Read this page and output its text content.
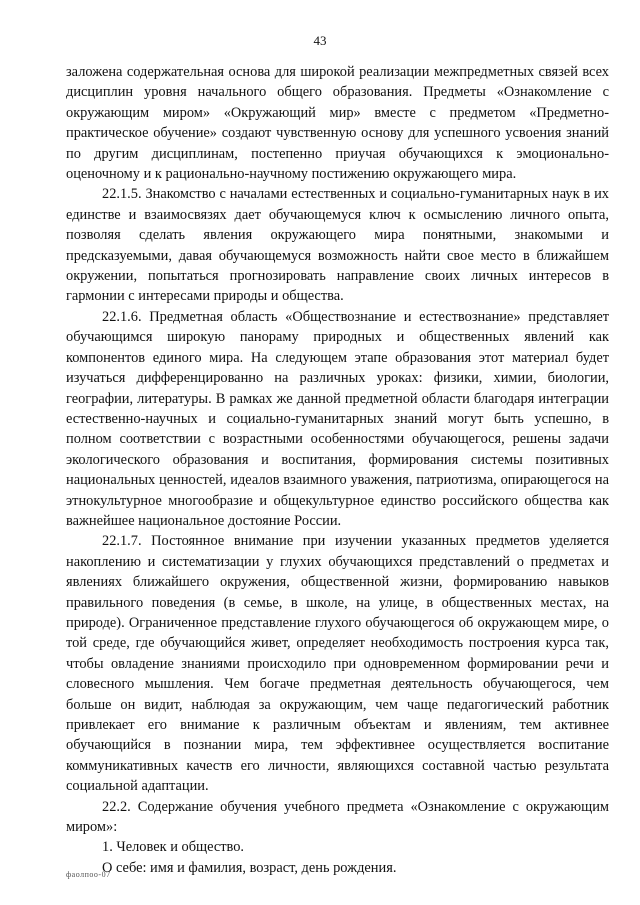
43

заложена содержательная основа для широкой реализации межпредметных связей всех дисциплин уровня начального общего образования. Предметы «Ознакомление с окружающим миром» «Окружающий мир» вместе с предметом «Предметно-практическое обучение» создают чувственную основу для успешного усвоения знаний по другим дисциплинам, постепенно приучая обучающихся к эмоционально-оценочному и к рационально-научному постижению окружающего мира.

22.1.5. Знакомство с началами естественных и социально-гуманитарных наук в их единстве и взаимосвязях дает обучающемуся ключ к осмыслению личного опыта, позволяя сделать явления окружающего мира понятными, знакомыми и предсказуемыми, давая обучающемуся возможность найти свое место в ближайшем окружении, попытаться прогнозировать направление своих личных интересов в гармонии с интересами природы и общества.

22.1.6. Предметная область «Обществознание и естествознание» представляет обучающимся широкую панораму природных и общественных явлений как компонентов единого мира. На следующем этапе образования этот материал будет изучаться дифференцированно на различных уроках: физики, химии, биологии, географии, литературы. В рамках же данной предметной области благодаря интеграции естественно-научных и социально-гуманитарных знаний могут быть успешно, в полном соответствии с возрастными особенностями обучающегося, решены задачи экологического образования и воспитания, формирования системы позитивных национальных ценностей, идеалов взаимного уважения, патриотизма, опирающегося на этнокультурное многообразие и общекультурное единство российского общества как важнейшее национальное достояние России.

22.1.7. Постоянное внимание при изучении указанных предметов уделяется накоплению и систематизации у глухих обучающихся представлений о предметах и явлениях ближайшего окружения, общественной жизни, формированию навыков правильного поведения (в семье, в школе, на улице, в общественных местах, на природе). Ограниченное представление глухого обучающегося об окружающем мире, о той среде, где обучающийся живет, определяет необходимость построения курса так, чтобы овладение знаниями происходило при одновременном формировании речи и словесного мышления. Чем богаче предметная деятельность обучающегося, чем больше он видит, наблюдая за окружающим, чем чаще педагогический работник привлекает его внимание к различным объектам и явлениям, тем активнее обучающийся в познании мира, тем эффективнее осуществляется воспитание коммуникативных качеств его личности, являющихся составной частью результата социальной адаптации.

22.2. Содержание обучения учебного предмета «Ознакомление с окружающим миром»:

1. Человек и общество.

О себе: имя и фамилия, возраст, день рождения.

фаолпоо-07
